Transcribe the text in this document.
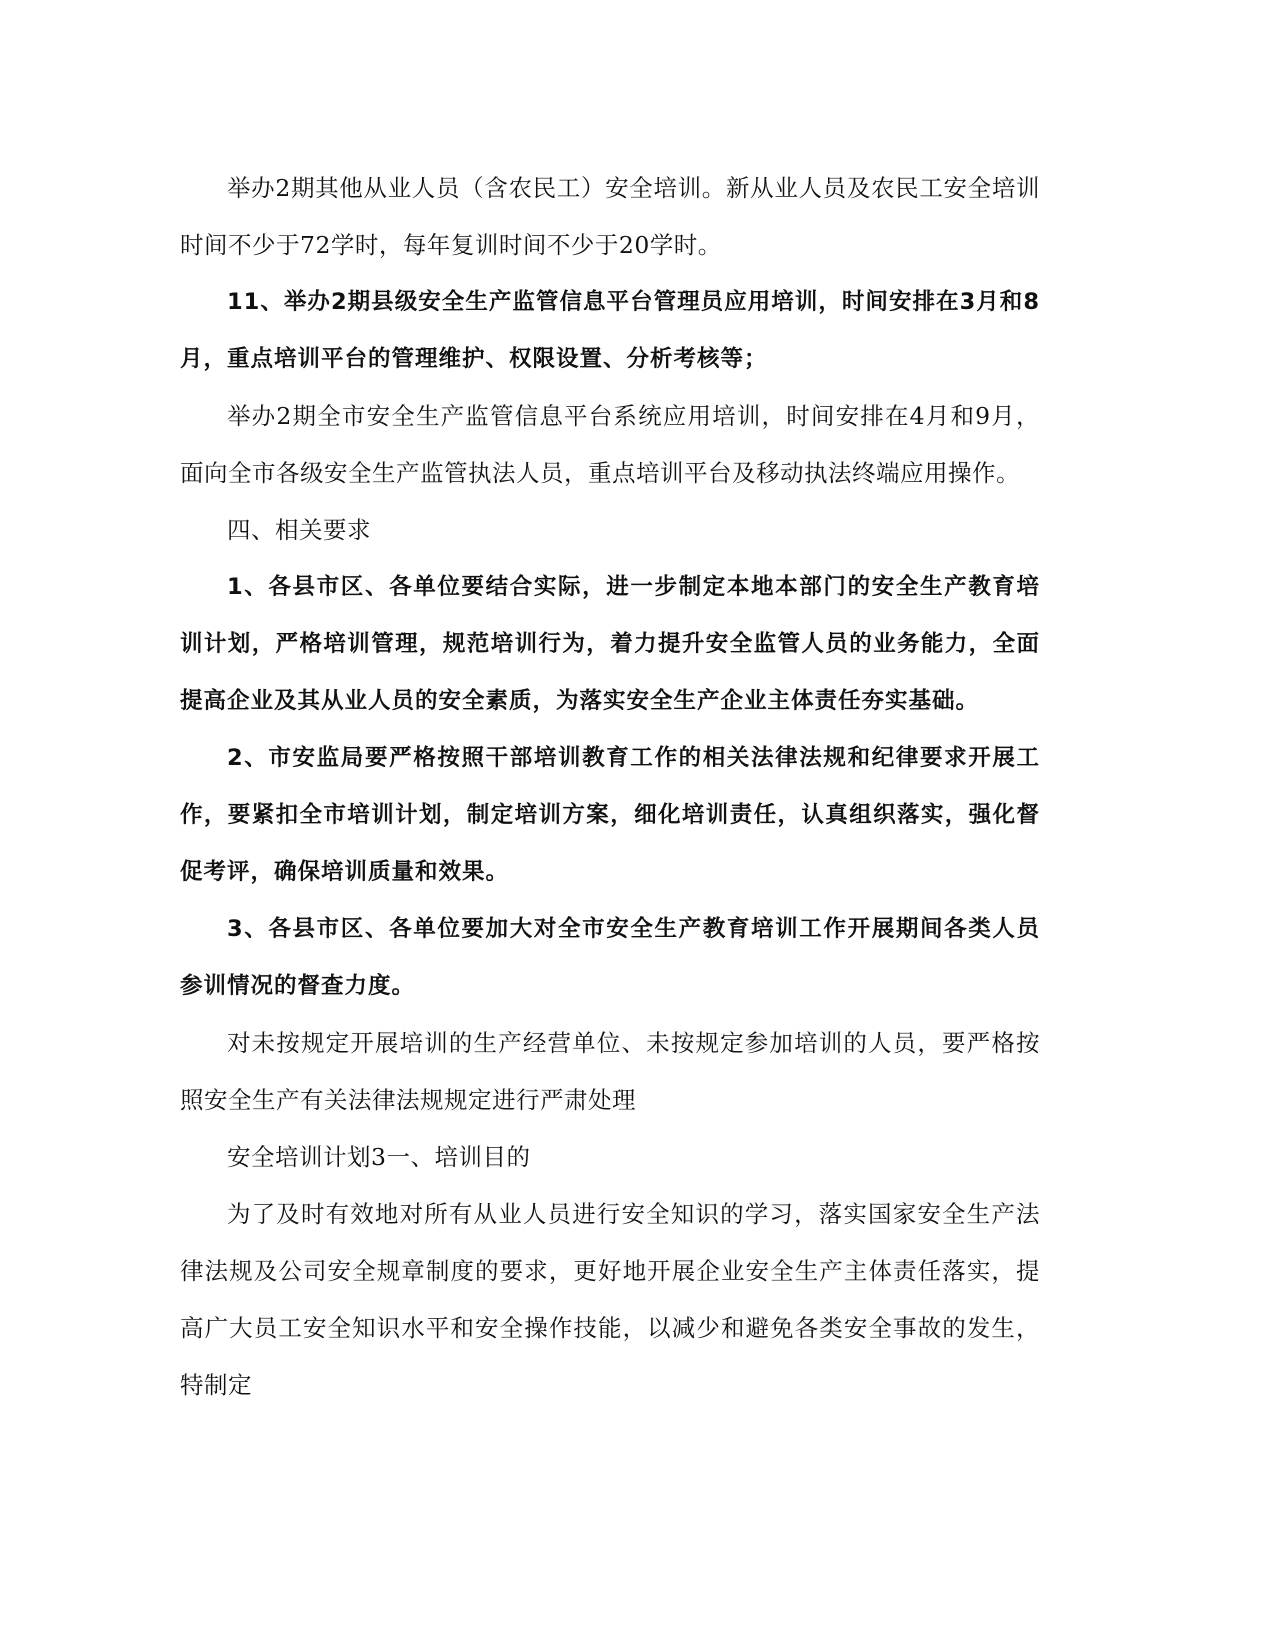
举办2期其他从业人员（含农民工）安全培训。新从业人员及农民工安全培训时间不少于72学时，每年复训时间不少于20学时。

11、举办2期县级安全生产监管信息平台管理员应用培训，时间安排在3月和8月，重点培训平台的管理维护、权限设置、分析考核等；

举办2期全市安全生产监管信息平台系统应用培训，时间安排在4月和9月，面向全市各级安全生产监管执法人员，重点培训平台及移动执法终端应用操作。

四、相关要求

1、各县市区、各单位要结合实际，进一步制定本地本部门的安全生产教育培训计划，严格培训管理，规范培训行为，着力提升安全监管人员的业务能力，全面提高企业及其从业人员的安全素质，为落实安全生产企业主体责任夯实基础。

2、市安监局要严格按照干部培训教育工作的相关法律法规和纪律要求开展工作，要紧扣全市培训计划，制定培训方案，细化培训责任，认真组织落实，强化督促考评，确保培训质量和效果。

3、各县市区、各单位要加大对全市安全生产教育培训工作开展期间各类人员参训情况的督查力度。

对未按规定开展培训的生产经营单位、未按规定参加培训的人员，要严格按照安全生产有关法律法规规定进行严肃处理

安全培训计划3一、培训目的

为了及时有效地对所有从业人员进行安全知识的学习，落实国家安全生产法律法规及公司安全规章制度的要求，更好地开展企业安全生产主体责任落实，提高广大员工安全知识水平和安全操作技能，以减少和避免各类安全事故的发生，特制定
